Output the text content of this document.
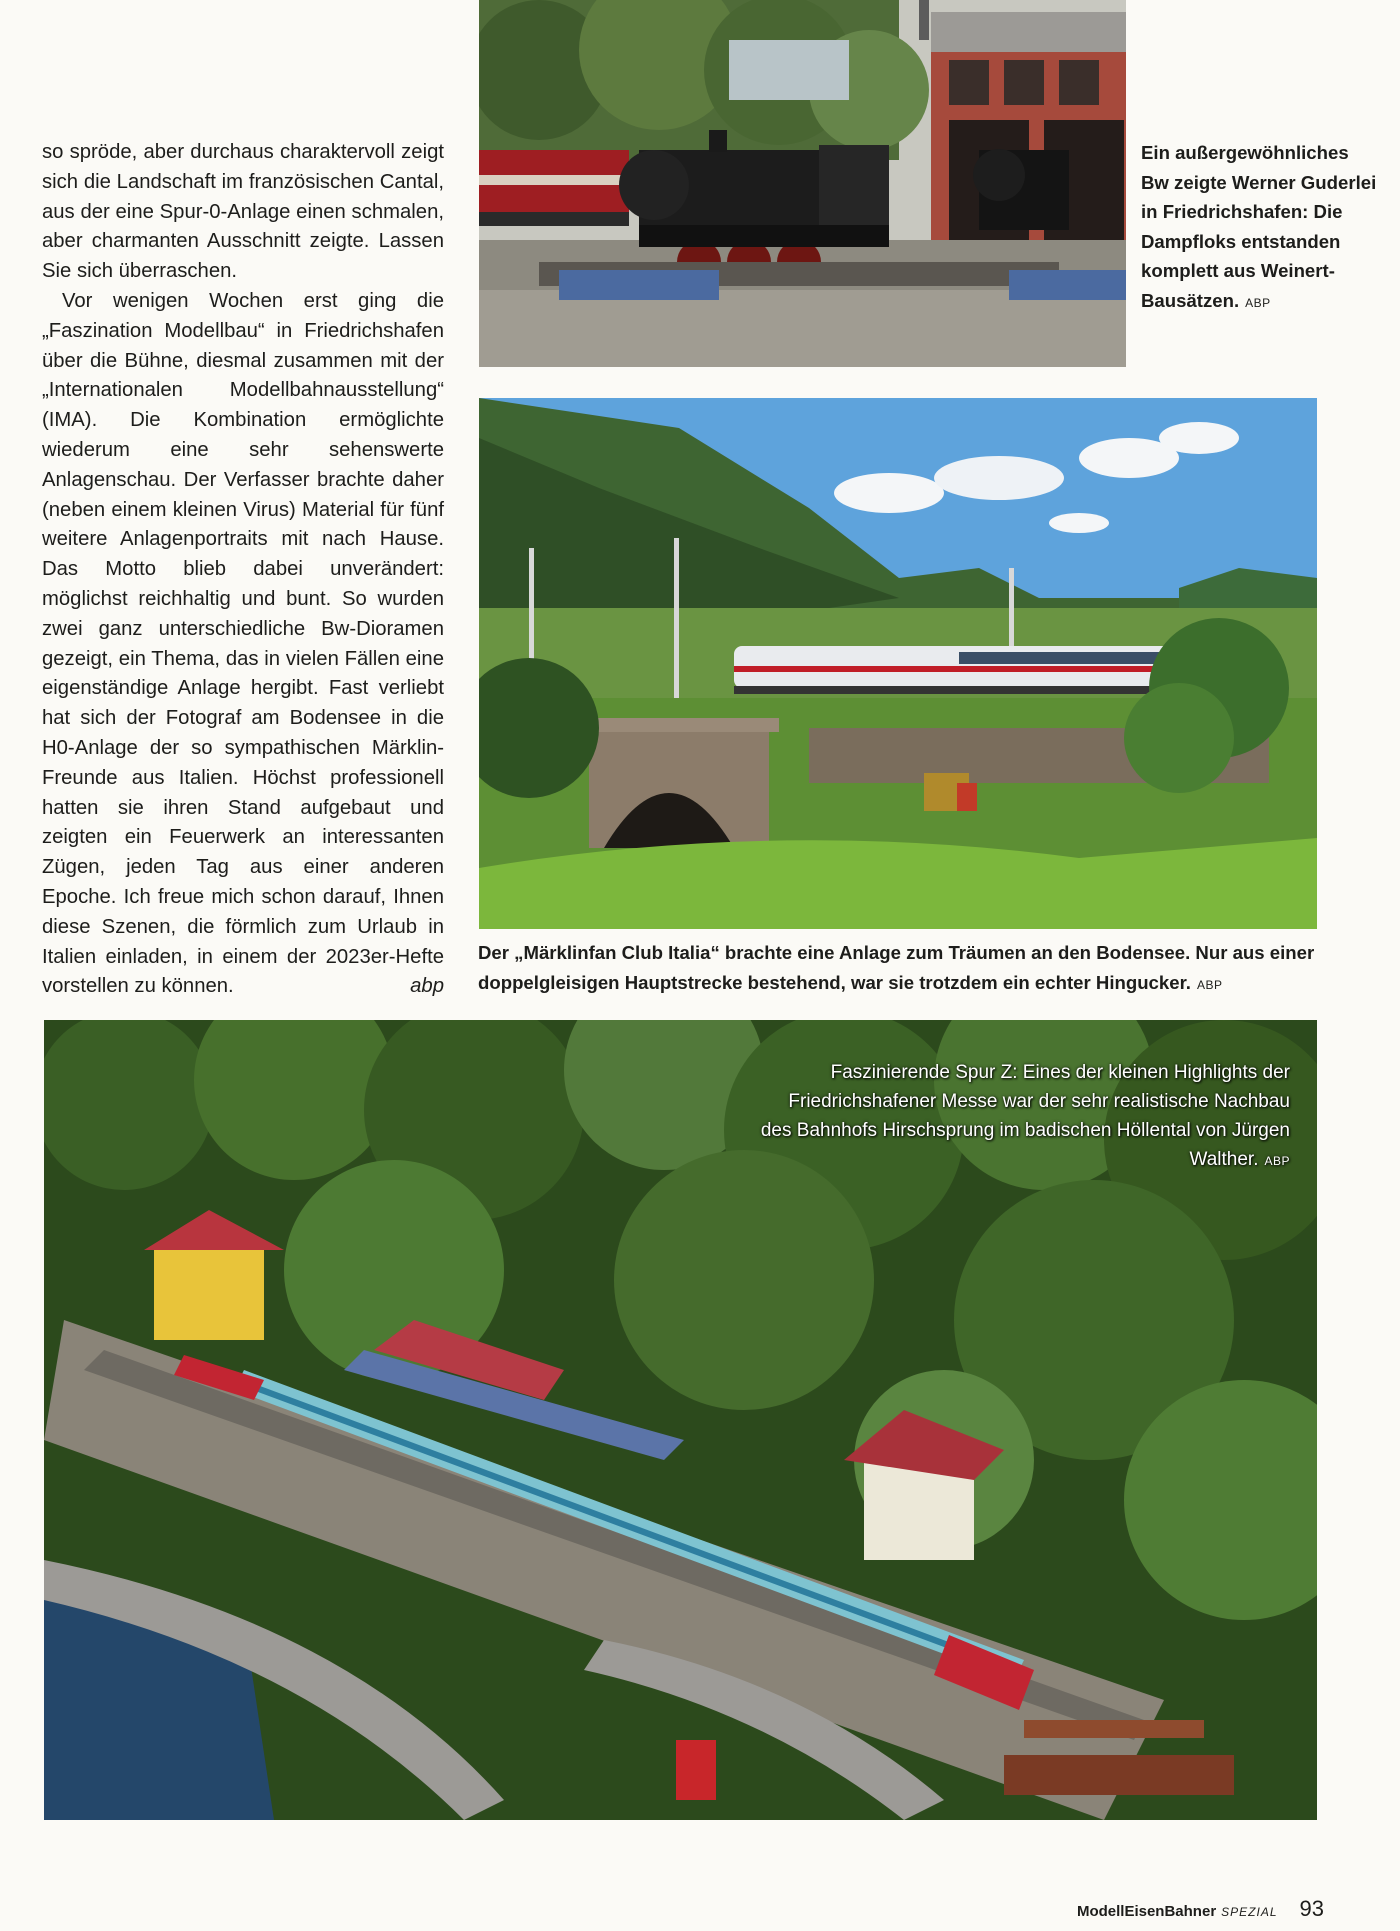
so spröde, aber durchaus charaktervoll zeigt sich die Landschaft im französischen Cantal, aus der eine Spur-0-Anlage einen schmalen, aber charmanten Ausschnitt zeigte. Lassen Sie sich überraschen.

Vor wenigen Wochen erst ging die „Faszination Modellbau“ in Friedrichshafen über die Bühne, diesmal zusammen mit der „Internationalen Modellbahnausstellung“ (IMA). Die Kombination ermöglichte wiederum eine sehr sehenswerte Anlagenschau. Der Verfasser brachte daher (neben einem kleinen Virus) Material für fünf weitere Anlagenportraits mit nach Hause. Das Motto blieb dabei unverändert: möglichst reichhaltig und bunt. So wurden zwei ganz unterschiedliche Bw-Dioramen gezeigt, ein Thema, das in vielen Fällen eine eigenständige Anlage hergibt. Fast verliebt hat sich der Fotograf am Bodensee in die H0-Anlage der so sympathischen Märklin-Freunde aus Italien. Höchst professionell hatten sie ihren Stand aufgebaut und zeigten ein Feuerwerk an interessanten Zügen, jeden Tag aus einer anderen Epoche. Ich freue mich schon darauf, Ihnen diese Szenen, die förmlich zum Urlaub in Italien einladen, in einem der 2023er-Hefte vorstellen zu können.	abp

Ein außergewöhnliches Bw zeigte Werner Guderlei in Friedrichshafen: Die Dampfloks entstanden komplett aus Weinert-Bausätzen. ABP
Der „Märklinfan Club Italia“ brachte eine Anlage zum Träumen an den Bodensee. Nur aus einer doppelgleisigen Hauptstrecke bestehend, war sie trotzdem ein echter Hingucker. ABP
Faszinierende Spur Z: Eines der kleinen Highlights der Friedrichshafener Messe war der sehr realistische Nachbau des Bahnhofs Hirschsprung im badischen Höllental von Jürgen Walther. ABP
ModellEisenBahner SPEZIAL 93
